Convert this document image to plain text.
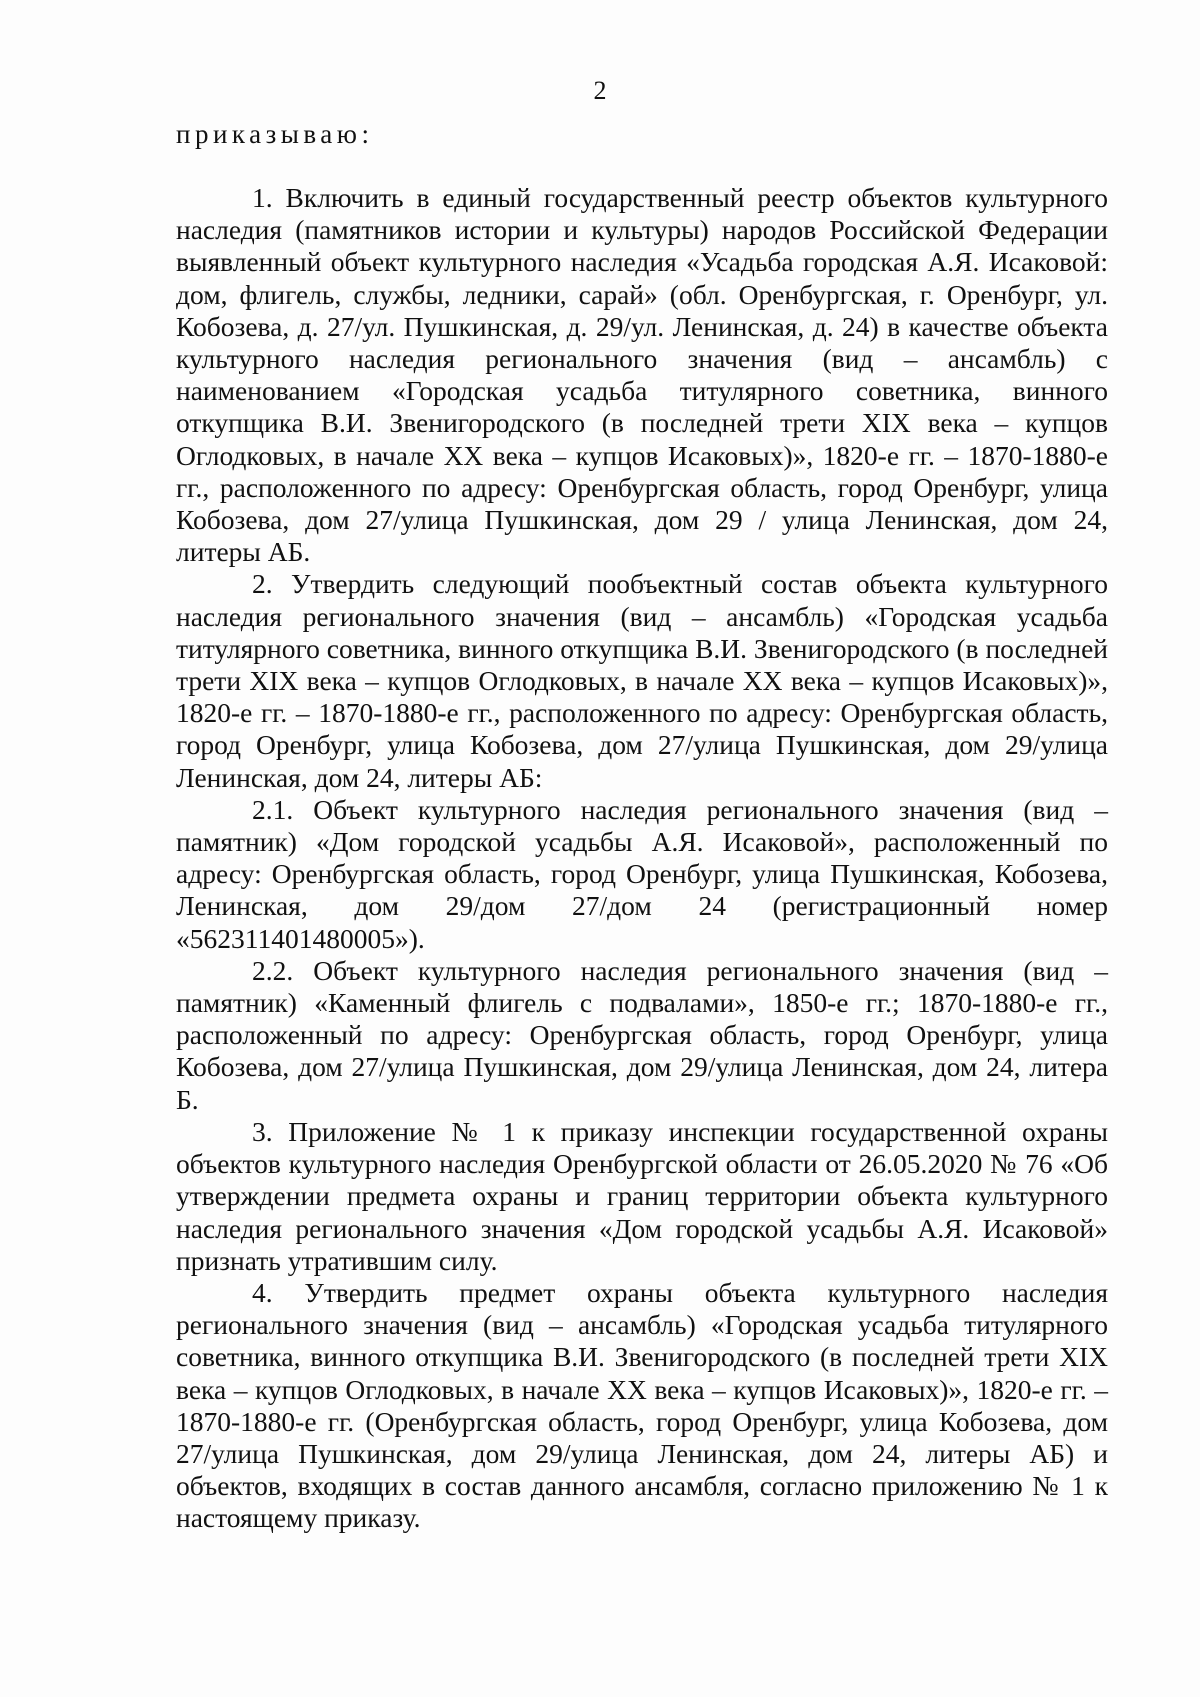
2
приказываю:

1. Включить в единый государственный реестр объектов культурного наследия (памятников истории и культуры) народов Российской Федерации выявленный объект культурного наследия «Усадьба городская А.Я. Исаковой: дом, флигель, службы, ледники, сарай» (обл. Оренбургская, г. Оренбург, ул. Кобозева, д. 27/ул. Пушкинская, д. 29/ул. Ленинская, д. 24) в качестве объекта культурного наследия регионального значения (вид – ансамбль) с наименованием «Городская усадьба титулярного советника, винного откупщика В.И. Звенигородского (в последней трети XIX века – купцов Оглодковых, в начале XX века – купцов Исаковых)», 1820-е гг. – 1870-1880-е гг., расположенного по адресу: Оренбургская область, город Оренбург, улица Кобозева, дом 27/улица Пушкинская, дом 29 / улица Ленинская, дом 24, литеры АБ.

2. Утвердить следующий пообъектный состав объекта культурного наследия регионального значения (вид – ансамбль) «Городская усадьба титулярного советника, винного откупщика В.И. Звенигородского (в последней трети XIX века – купцов Оглодковых, в начале XX века – купцов Исаковых)», 1820-е гг. – 1870-1880-е гг., расположенного по адресу: Оренбургская область, город Оренбург, улица Кобозева, дом 27/улица Пушкинская, дом 29/улица Ленинская, дом 24, литеры АБ:

2.1. Объект культурного наследия регионального значения (вид – памятник) «Дом городской усадьбы А.Я. Исаковой», расположенный по адресу: Оренбургская область, город Оренбург, улица Пушкинская, Кобозева, Ленинская, дом 29/дом 27/дом 24 (регистрационный номер «562311401480005»).

2.2. Объект культурного наследия регионального значения (вид – памятник) «Каменный флигель с подвалами», 1850-е гг.; 1870-1880-е гг., расположенный по адресу: Оренбургская область, город Оренбург, улица Кобозева, дом 27/улица Пушкинская, дом 29/улица Ленинская, дом 24, литера Б.

3. Приложение № 1 к приказу инспекции государственной охраны объектов культурного наследия Оренбургской области от 26.05.2020 № 76 «Об утверждении предмета охраны и границ территории объекта культурного наследия регионального значения «Дом городской усадьбы А.Я. Исаковой» признать утратившим силу.

4. Утвердить предмет охраны объекта культурного наследия регионального значения (вид – ансамбль) «Городская усадьба титулярного советника, винного откупщика В.И. Звенигородского (в последней трети XIX века – купцов Оглодковых, в начале XX века – купцов Исаковых)», 1820-е гг. – 1870-1880-е гг. (Оренбургская область, город Оренбург, улица Кобозева, дом 27/улица Пушкинская, дом 29/улица Ленинская, дом 24, литеры АБ) и объектов, входящих в состав данного ансамбля, согласно приложению № 1 к настоящему приказу.
